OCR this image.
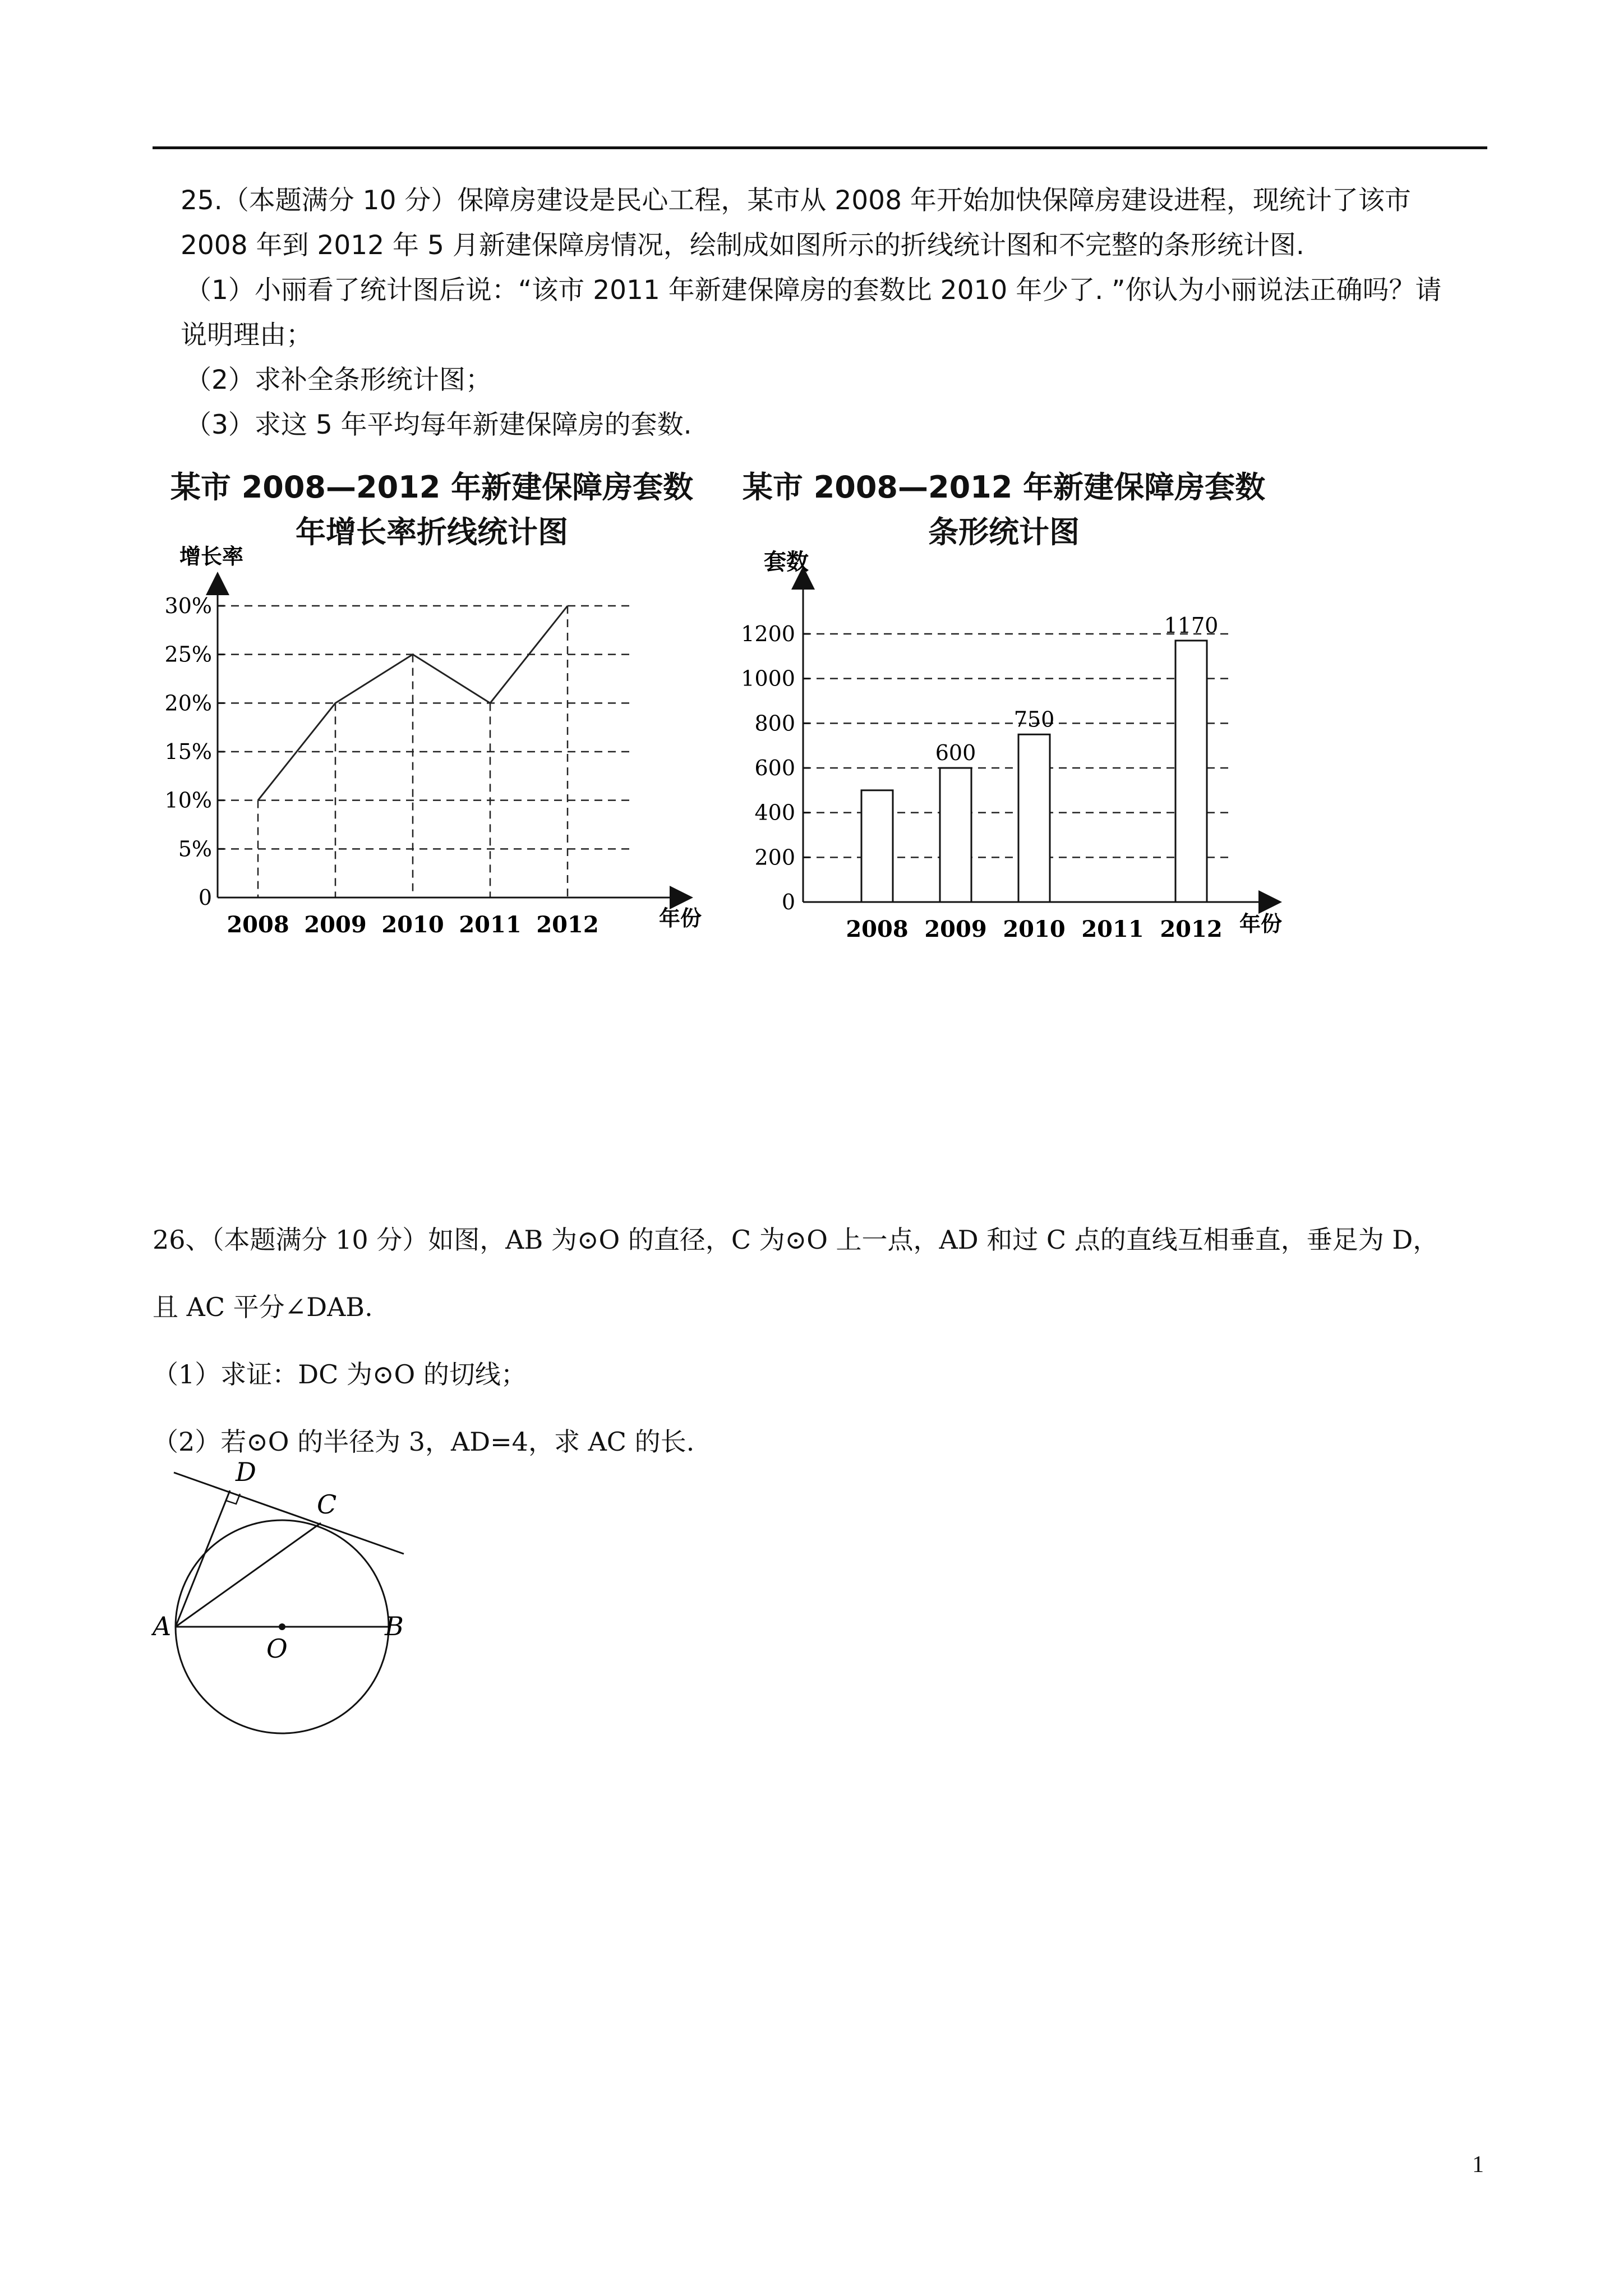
25.（本题满分 10 分）保障房建设是民心工程，某市从 2008 年开始加快保障房建设进程，现统计了该市

2008 年到 2012 年 5 月新建保障房情况，绘制成如图所示的折线统计图和不完整的条形统计图.

（1）小丽看了统计图后说：“该市 2011 年新建保障房的套数比 2010 年少了. ”你认为小丽说法正确吗？请

说明理由；

（2）求补全条形统计图；

（3）求这 5 年平均每年新建保障房的套数.

某市 2008—2012 年新建保障房套数
年增长率折线统计图
某市 2008—2012 年新建保障房套数
条形统计图
0
5%
10%
15%
20%
25%
30%
2008 2009 2010 2011 2012
增长率
年份
600
750
1170
0
200
400
600
800
1000
1200
2008 2009 2010 2011 2012
套数
年份

26、（本题满分 10 分）如图，AB 为⊙O 的直径，C 为⊙O 上一点，AD 和过 C 点的直线互相垂直，垂足为 D，

且 AC 平分∠DAB.

（1）求证：DC 为⊙O 的切线；

（2）若⊙O 的半径为 3，AD=4，求 AC 的长.

A	B
C
D
O
1
